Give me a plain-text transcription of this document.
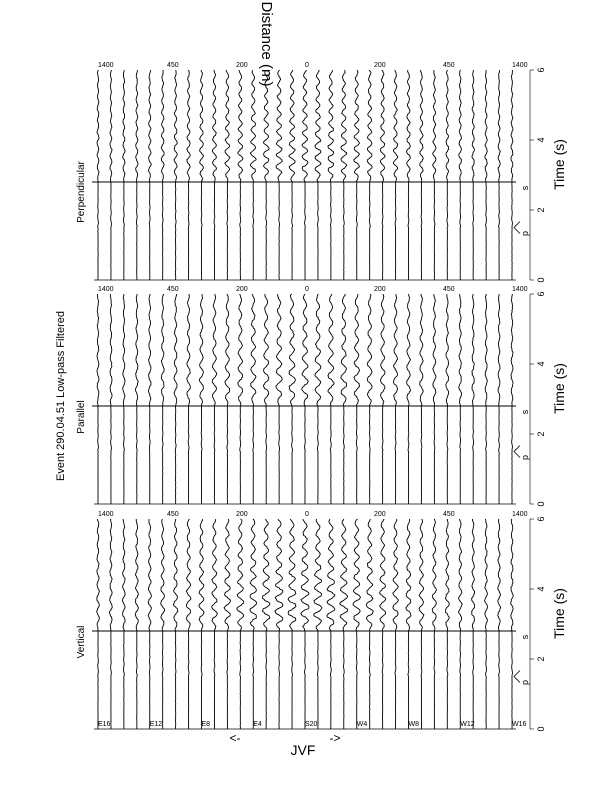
p
s
0
2
4
6
Time (s)
1400	450	200	0	200	450	1400
p
s
0
2
4
6
Time (s)
1400	450	200	0	200	450	1400
p
s
0
2
4
6
Time (s)
1400	450	200	0	200	450	1400
E16	E12	E8	E4	S20	W4	W8	W12	W16
Event 290.04.51 Low-pass Filtered
Vertical
Parallel
Perpendicular
Distance (m)
JVF
<-	->
